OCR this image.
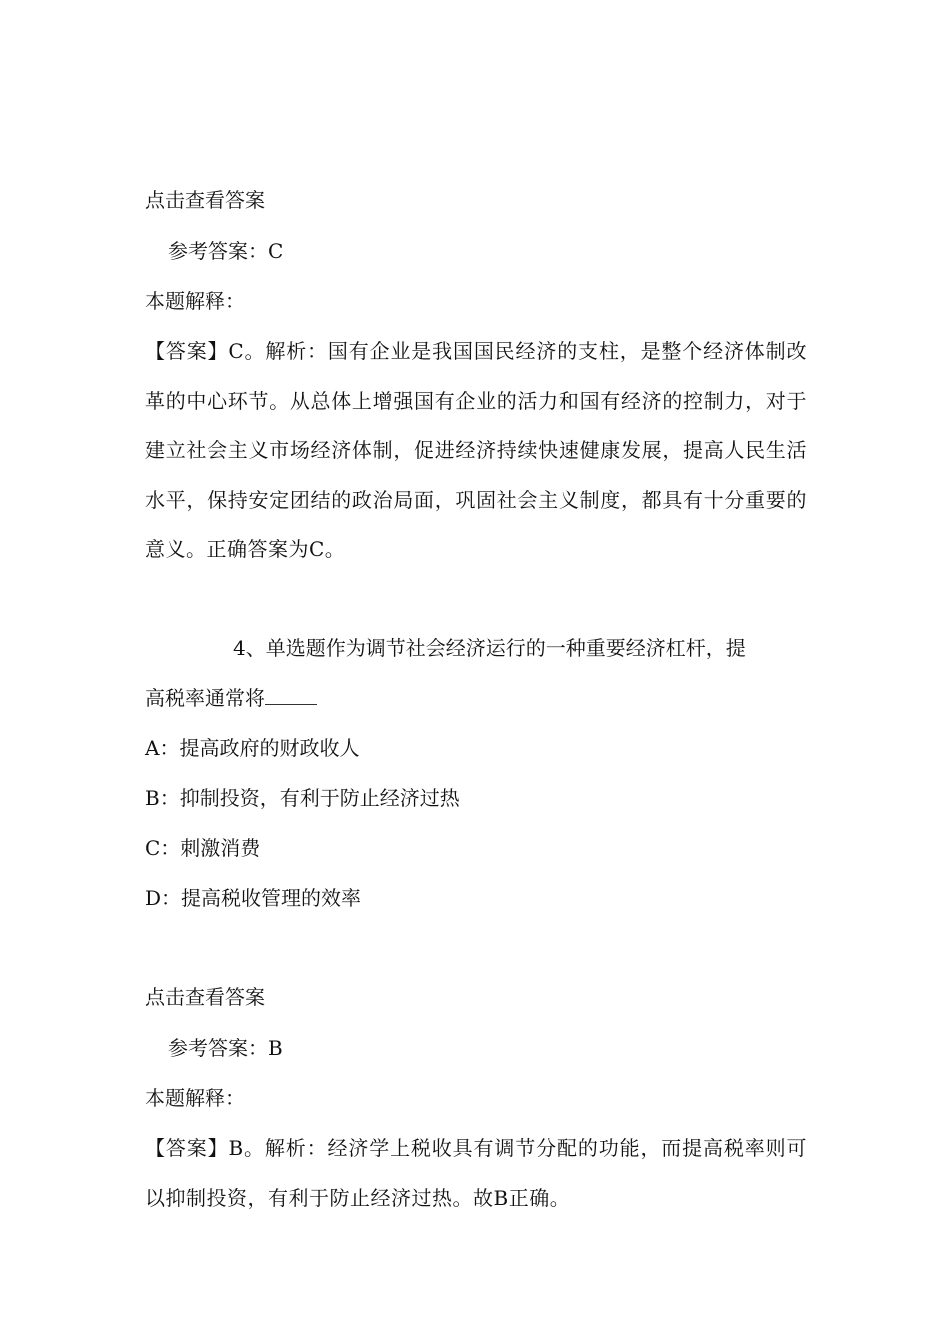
点击查看答案
参考答案：C
本题解释：
【答案】C。解析：国有企业是我国国民经济的支柱，是整个经济体制改革的中心环节。从总体上增强国有企业的活力和国有经济的控制力，对于建立社会主义市场经济体制，促进经济持续快速健康发展，提高人民生活水平，保持安定团结的政治局面，巩固社会主义制度，都具有十分重要的意义。正确答案为C。
4、单选题作为调节社会经济运行的一种重要经济杠杆，提
高税率通常将
A：提高政府的财政收人
B：抑制投资，有利于防止经济过热
C：刺激消费
D：提高税收管理的效率
点击查看答案
参考答案：B
本题解释：
【答案】B。解析：经济学上税收具有调节分配的功能，而提高税率则可以抑制投资，有利于防止经济过热。故B正确。
